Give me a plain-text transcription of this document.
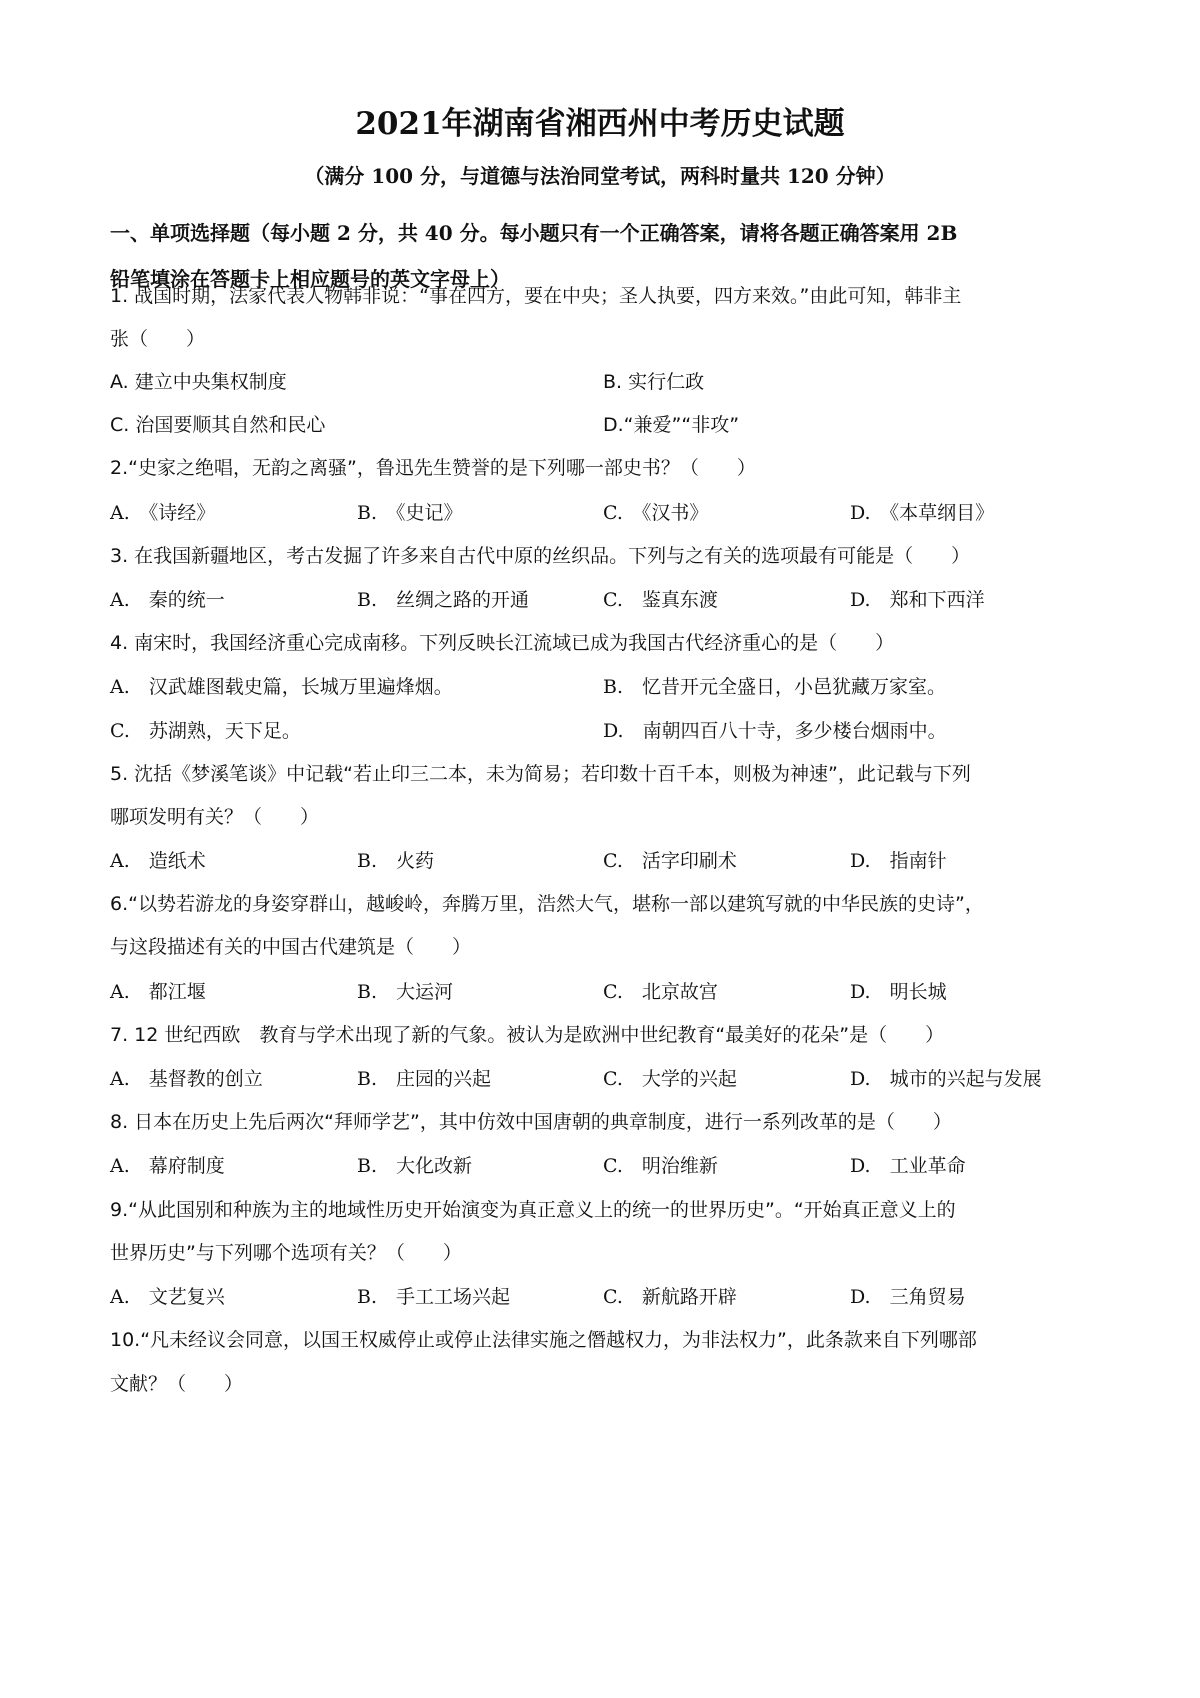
2021年湖南省湘西州中考历史试题
（满分 100 分，与道德与法治同堂考试，两科时量共 120 分钟）
一、单项选择题（每小题 2 分，共 40 分。每小题只有一个正确答案，请将各题正确答案用 2B
铅笔填涂在答题卡上相应题号的英文字母上）
1. 战国时期，法家代表人物韩非说：“事在四方，要在中央；圣人执要，四方来效。”由此可知，韩非主
张（　　）
A. 建立中央集权制度	B. 实行仁政
C. 治国要顺其自然和民心	D.“兼爱”“非攻”
2.“史家之绝唱，无韵之离骚”，鲁迅先生赞誉的是下列哪一部史书？（　　）
A.　《诗经》	B.　《史记》	C.　《汉书》	D.　《本草纲目》
3. 在我国新疆地区，考古发掘了许多来自古代中原的丝织品。下列与之有关的选项最有可能是（　　）
A.　秦的统一	B.　丝绸之路的开通	C.　鉴真东渡	D.　郑和下西洋
4. 南宋时，我国经济重心完成南移。下列反映长江流域已成为我国古代经济重心的是（　　）
A.　汉武雄图载史篇，长城万里遍烽烟。	B.　忆昔开元全盛日，小邑犹藏万家室。
C.　苏湖熟，天下足。	D.　南朝四百八十寺，多少楼台烟雨中。
5. 沈括《梦溪笔谈》中记载“若止印三二本，未为简易；若印数十百千本，则极为神速”，此记载与下列
哪项发明有关？（　　）
A.　造纸术	B.　火药	C.　活字印刷术	D.　指南针
6.“以势若游龙的身姿穿群山，越峻岭，奔腾万里，浩然大气，堪称一部以建筑写就的中华民族的史诗”，
与这段描述有关的中国古代建筑是（　　）
A.　都江堰	B.　大运河	C.　北京故宫	D.　明长城
7. 12 世纪西欧　教育与学术出现了新的气象。被认为是欧洲中世纪教育“最美好的花朵”是（　　）
A.　基督教的创立	B.　庄园的兴起	C.　大学的兴起	D.　城市的兴起与发展
8. 日本在历史上先后两次“拜师学艺”，其中仿效中国唐朝的典章制度，进行一系列改革的是（　　）
A.　幕府制度	B.　大化改新	C.　明治维新	D.　工业革命
9.“从此国别和种族为主的地域性历史开始演变为真正意义上的统一的世界历史”。“开始真正意义上的
世界历史”与下列哪个选项有关？（　　）
A.　文艺复兴	B.　手工工场兴起	C.　新航路开辟	D.　三角贸易
10.“凡未经议会同意，以国王权威停止或停止法律实施之僭越权力，为非法权力”，此条款来自下列哪部
文献？（　　）
